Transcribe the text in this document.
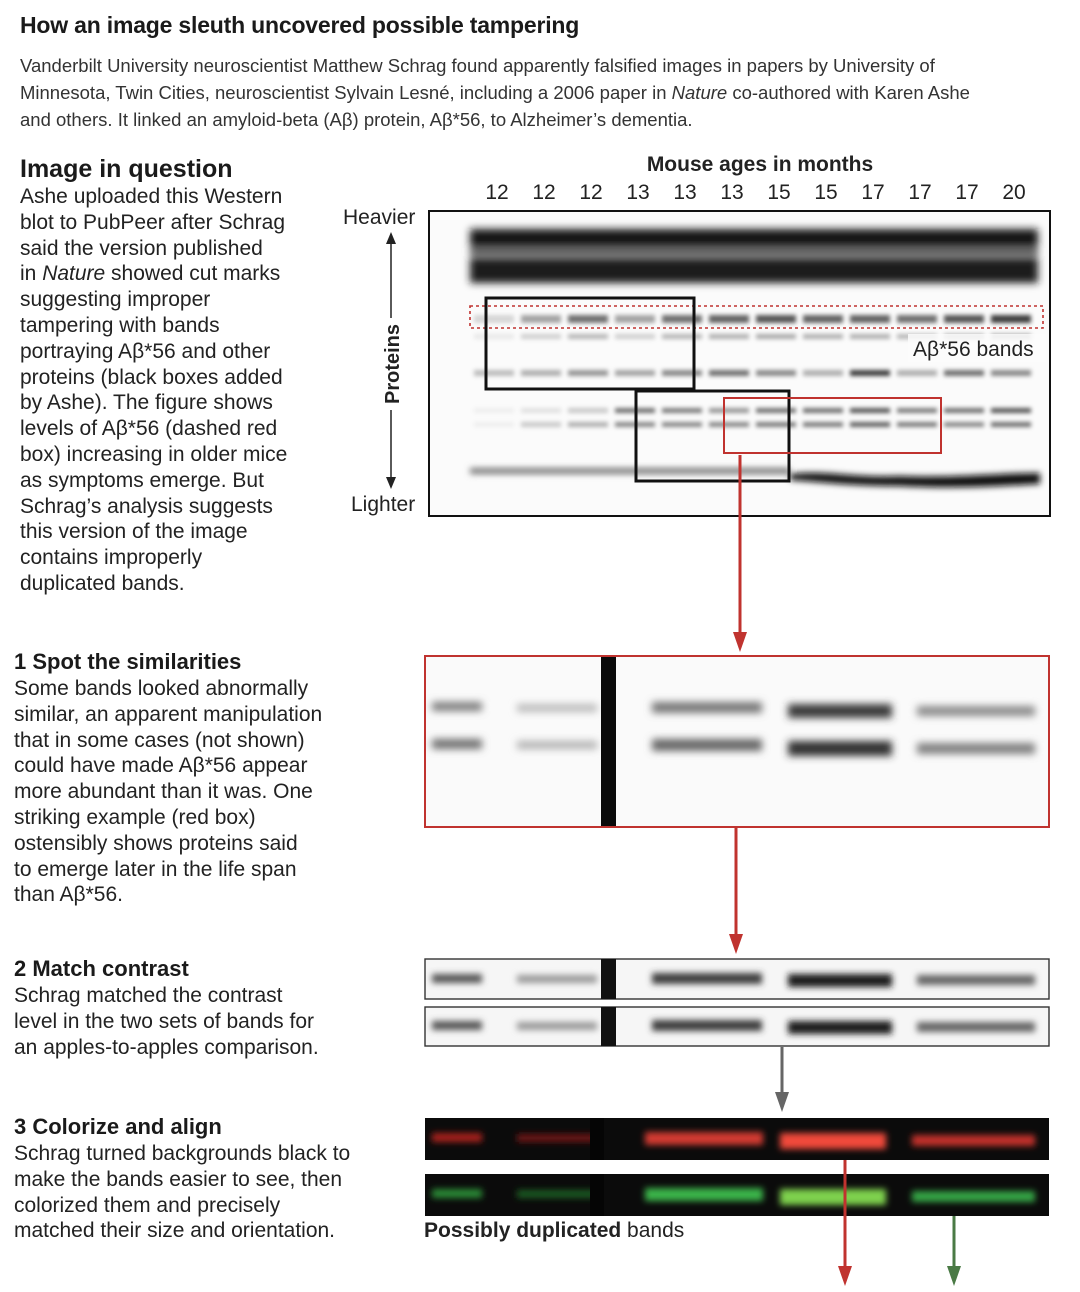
How an image sleuth uncovered possible tampering
Vanderbilt University neuroscientist Matthew Schrag found apparently falsified images in papers by University of
Minnesota, Twin Cities, neuroscientist Sylvain Lesné, including a 2006 paper in Nature co-authored with Karen Ashe
and others. It linked an amyloid-beta (Aβ) protein, Aβ*56, to Alzheimer’s dementia.
Image in question
Ashe uploaded this Western
blot to PubPeer after Schrag
said the version published
in Nature showed cut marks
suggesting improper
tampering with bands
portraying Aβ*56 and other
proteins (black boxes added
by Ashe). The figure shows
levels of Aβ*56 (dashed red
box) increasing in older mice
as symptoms emerge. But
Schrag’s analysis suggests
this version of the image
contains improperly
duplicated bands.
Mouse ages in months
12	12	12	13	13	13	15	15	17	17	17	20
Heavier
Lighter
Proteins	Aβ*56 bands
1 Spot the similarities
Some bands looked abnormally
similar, an apparent manipulation
that in some cases (not shown)
could have made Aβ*56 appear
more abundant than it was. One
striking example (red box)
ostensibly shows proteins said
to emerge later in the life span
than Aβ*56.
2 Match contrast
Schrag matched the contrast
level in the two sets of bands for
an apples-to-apples comparison.
3 Colorize and align
Schrag turned backgrounds black to
make the bands easier to see, then
colorized them and precisely
matched their size and orientation.	Possibly duplicated bands
